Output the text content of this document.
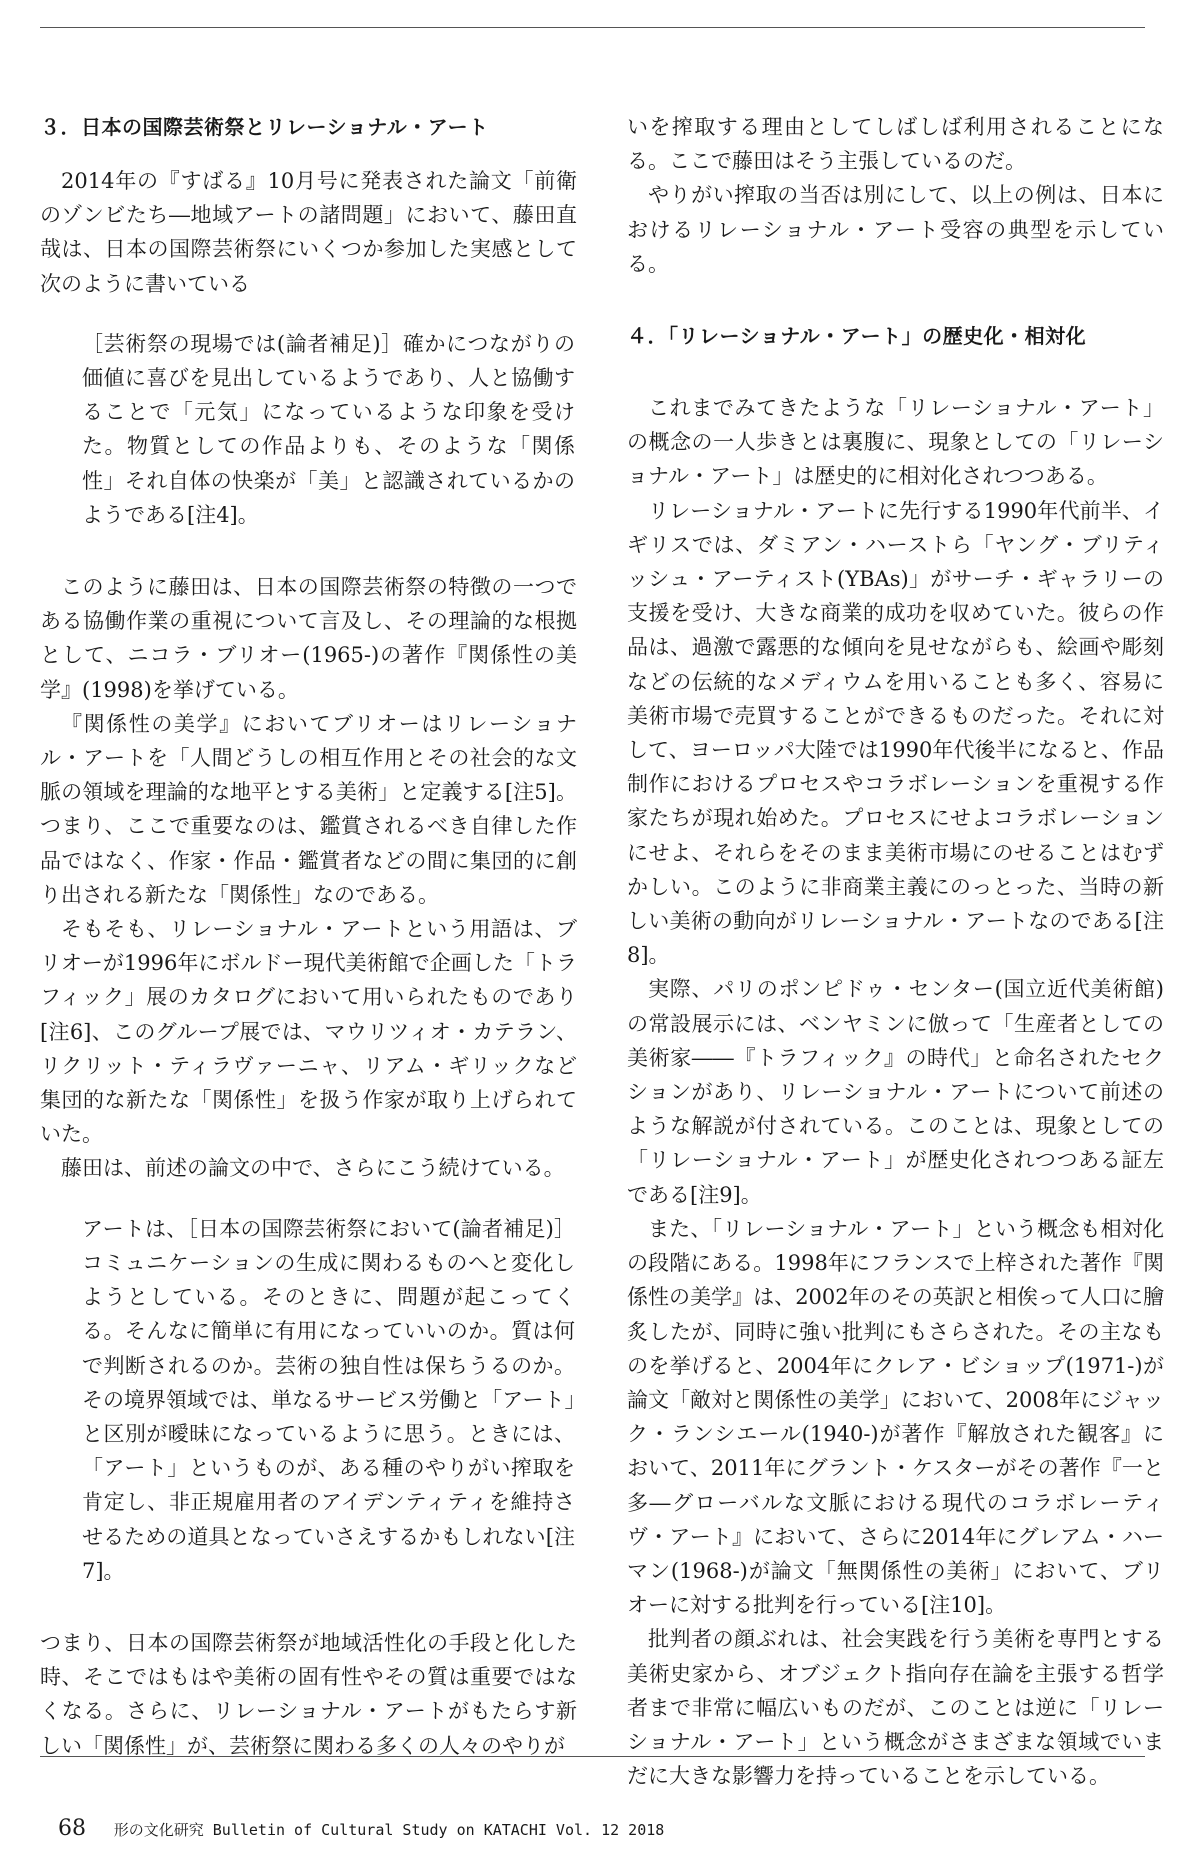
３．日本の国際芸術祭とリレーショナル・アート

2014年の『すばる』10月号に発表された論文「前衛のゾンビたち―地域アートの諸問題」において、藤田直哉は、日本の国際芸術祭にいくつか参加した実感として次のように書いている

［芸術祭の現場では(論者補足)］確かにつながりの価値に喜びを見出しているようであり、人と協働することで「元気」になっているような印象を受けた。物質としての作品よりも、そのような「関係性」それ自体の快楽が「美」と認識されているかのようである[注4]。

このように藤田は、日本の国際芸術祭の特徴の一つである協働作業の重視について言及し、その理論的な根拠として、ニコラ・ブリオー(1965-)の著作『関係性の美学』(1998)を挙げている。

『関係性の美学』においてブリオーはリレーショナル・アートを「人間どうしの相互作用とその社会的な文脈の領域を理論的な地平とする美術」と定義する[注5]。つまり、ここで重要なのは、鑑賞されるべき自律した作品ではなく、作家・作品・鑑賞者などの間に集団的に創り出される新たな「関係性」なのである。

そもそも、リレーショナル・アートという用語は、ブリオーが1996年にボルドー現代美術館で企画した「トラフィック」展のカタログにおいて用いられたものであり[注6]、このグループ展では、マウリツィオ・カテラン、リクリット・ティラヴァーニャ、リアム・ギリックなど集団的な新たな「関係性」を扱う作家が取り上げられていた。

藤田は、前述の論文の中で、さらにこう続けている。

アートは、［日本の国際芸術祭において(論者補足)］コミュニケーションの生成に関わるものへと変化しようとしている。そのときに、問題が起こってくる。そんなに簡単に有用になっていいのか。質は何で判断されるのか。芸術の独自性は保ちうるのか。その境界領域では、単なるサービス労働と「アート」と区別が曖昧になっているように思う。ときには、「アート」というものが、ある種のやりがい搾取を肯定し、非正規雇用者のアイデンティティを維持させるための道具となっていさえするかもしれない[注7]。

つまり、日本の国際芸術祭が地域活性化の手段と化した時、そこではもはや美術の固有性やその質は重要ではなくなる。さらに、リレーショナル・アートがもたらす新しい「関係性」が、芸術祭に関わる多くの人々のやりが

いを搾取する理由としてしばしば利用されることになる。ここで藤田はそう主張しているのだ。

やりがい搾取の当否は別にして、以上の例は、日本におけるリレーショナル・アート受容の典型を示している。

４．「リレーショナル・アート」の歴史化・相対化

これまでみてきたような「リレーショナル・アート」の概念の一人歩きとは裏腹に、現象としての「リレーショナル・アート」は歴史的に相対化されつつある。

リレーショナル・アートに先行する1990年代前半、イギリスでは、ダミアン・ハーストら「ヤング・ブリティッシュ・アーティスト(YBAs)」がサーチ・ギャラリーの支援を受け、大きな商業的成功を収めていた。彼らの作品は、過激で露悪的な傾向を見せながらも、絵画や彫刻などの伝統的なメディウムを用いることも多く、容易に美術市場で売買することができるものだった。それに対して、ヨーロッパ大陸では1990年代後半になると、作品制作におけるプロセスやコラボレーションを重視する作家たちが現れ始めた。プロセスにせよコラボレーションにせよ、それらをそのまま美術市場にのせることはむずかしい。このように非商業主義にのっとった、当時の新しい美術の動向がリレーショナル・アートなのである[注8]。

実際、パリのポンピドゥ・センター(国立近代美術館)の常設展示には、ベンヤミンに倣って「生産者としての美術家――『トラフィック』の時代」と命名されたセクションがあり、リレーショナル・アートについて前述のような解説が付されている。このことは、現象としての「リレーショナル・アート」が歴史化されつつある証左である[注9]。

また、「リレーショナル・アート」という概念も相対化の段階にある。1998年にフランスで上梓された著作『関係性の美学』は、2002年のその英訳と相俟って人口に膾炙したが、同時に強い批判にもさらされた。その主なものを挙げると、2004年にクレア・ビショップ(1971-)が論文「敵対と関係性の美学」において、2008年にジャック・ランシエール(1940-)が著作『解放された観客』において、2011年にグラント・ケスターがその著作『一と多―グローバルな文脈における現代のコラボレーティヴ・アート』において、さらに2014年にグレアム・ハーマン(1968-)が論文「無関係性の美術」において、ブリオーに対する批判を行っている[注10]。

批判者の顔ぶれは、社会実践を行う美術を専門とする美術史家から、オブジェクト指向存在論を主張する哲学者まで非常に幅広いものだが、このことは逆に「リレーショナル・アート」という概念がさまざまな領域でいまだに大きな影響力を持っていることを示している。

68 形の文化研究 Bulletin of Cultural Study on KATACHI Vol. 12 2018
